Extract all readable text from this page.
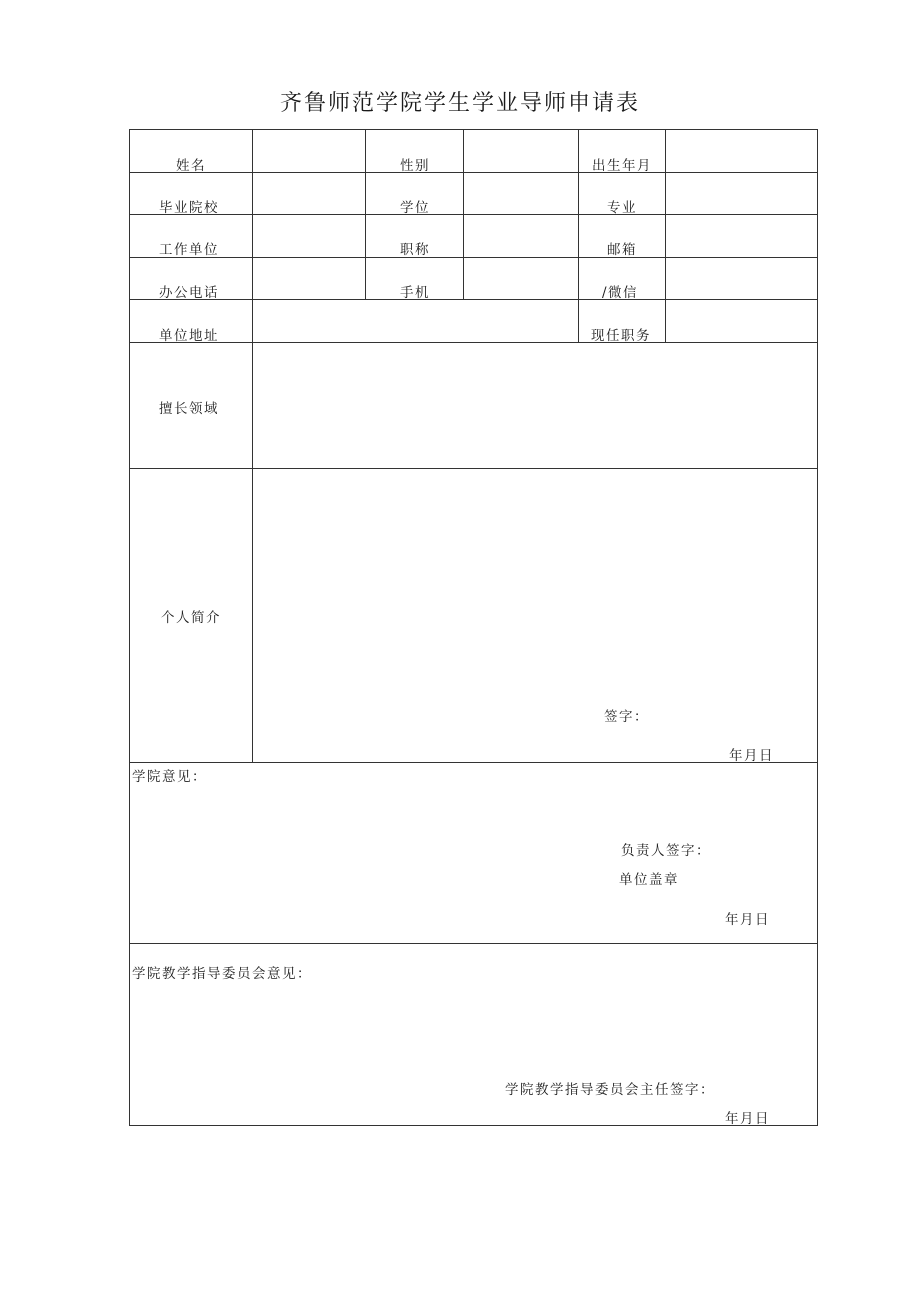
齐鲁师范学院学生学业导师申请表
姓名	性别	出生年月
毕业院校	学位	专业
工作单位	职称	邮箱
办公电话	手机	/微信
单位地址	现任职务
擅长领域
个人简介
签字：
年月日
学院意见：
负责人签字：
单位盖章
年月日
学院教学指导委员会意见：
学院教学指导委员会主任签字：
年月日
